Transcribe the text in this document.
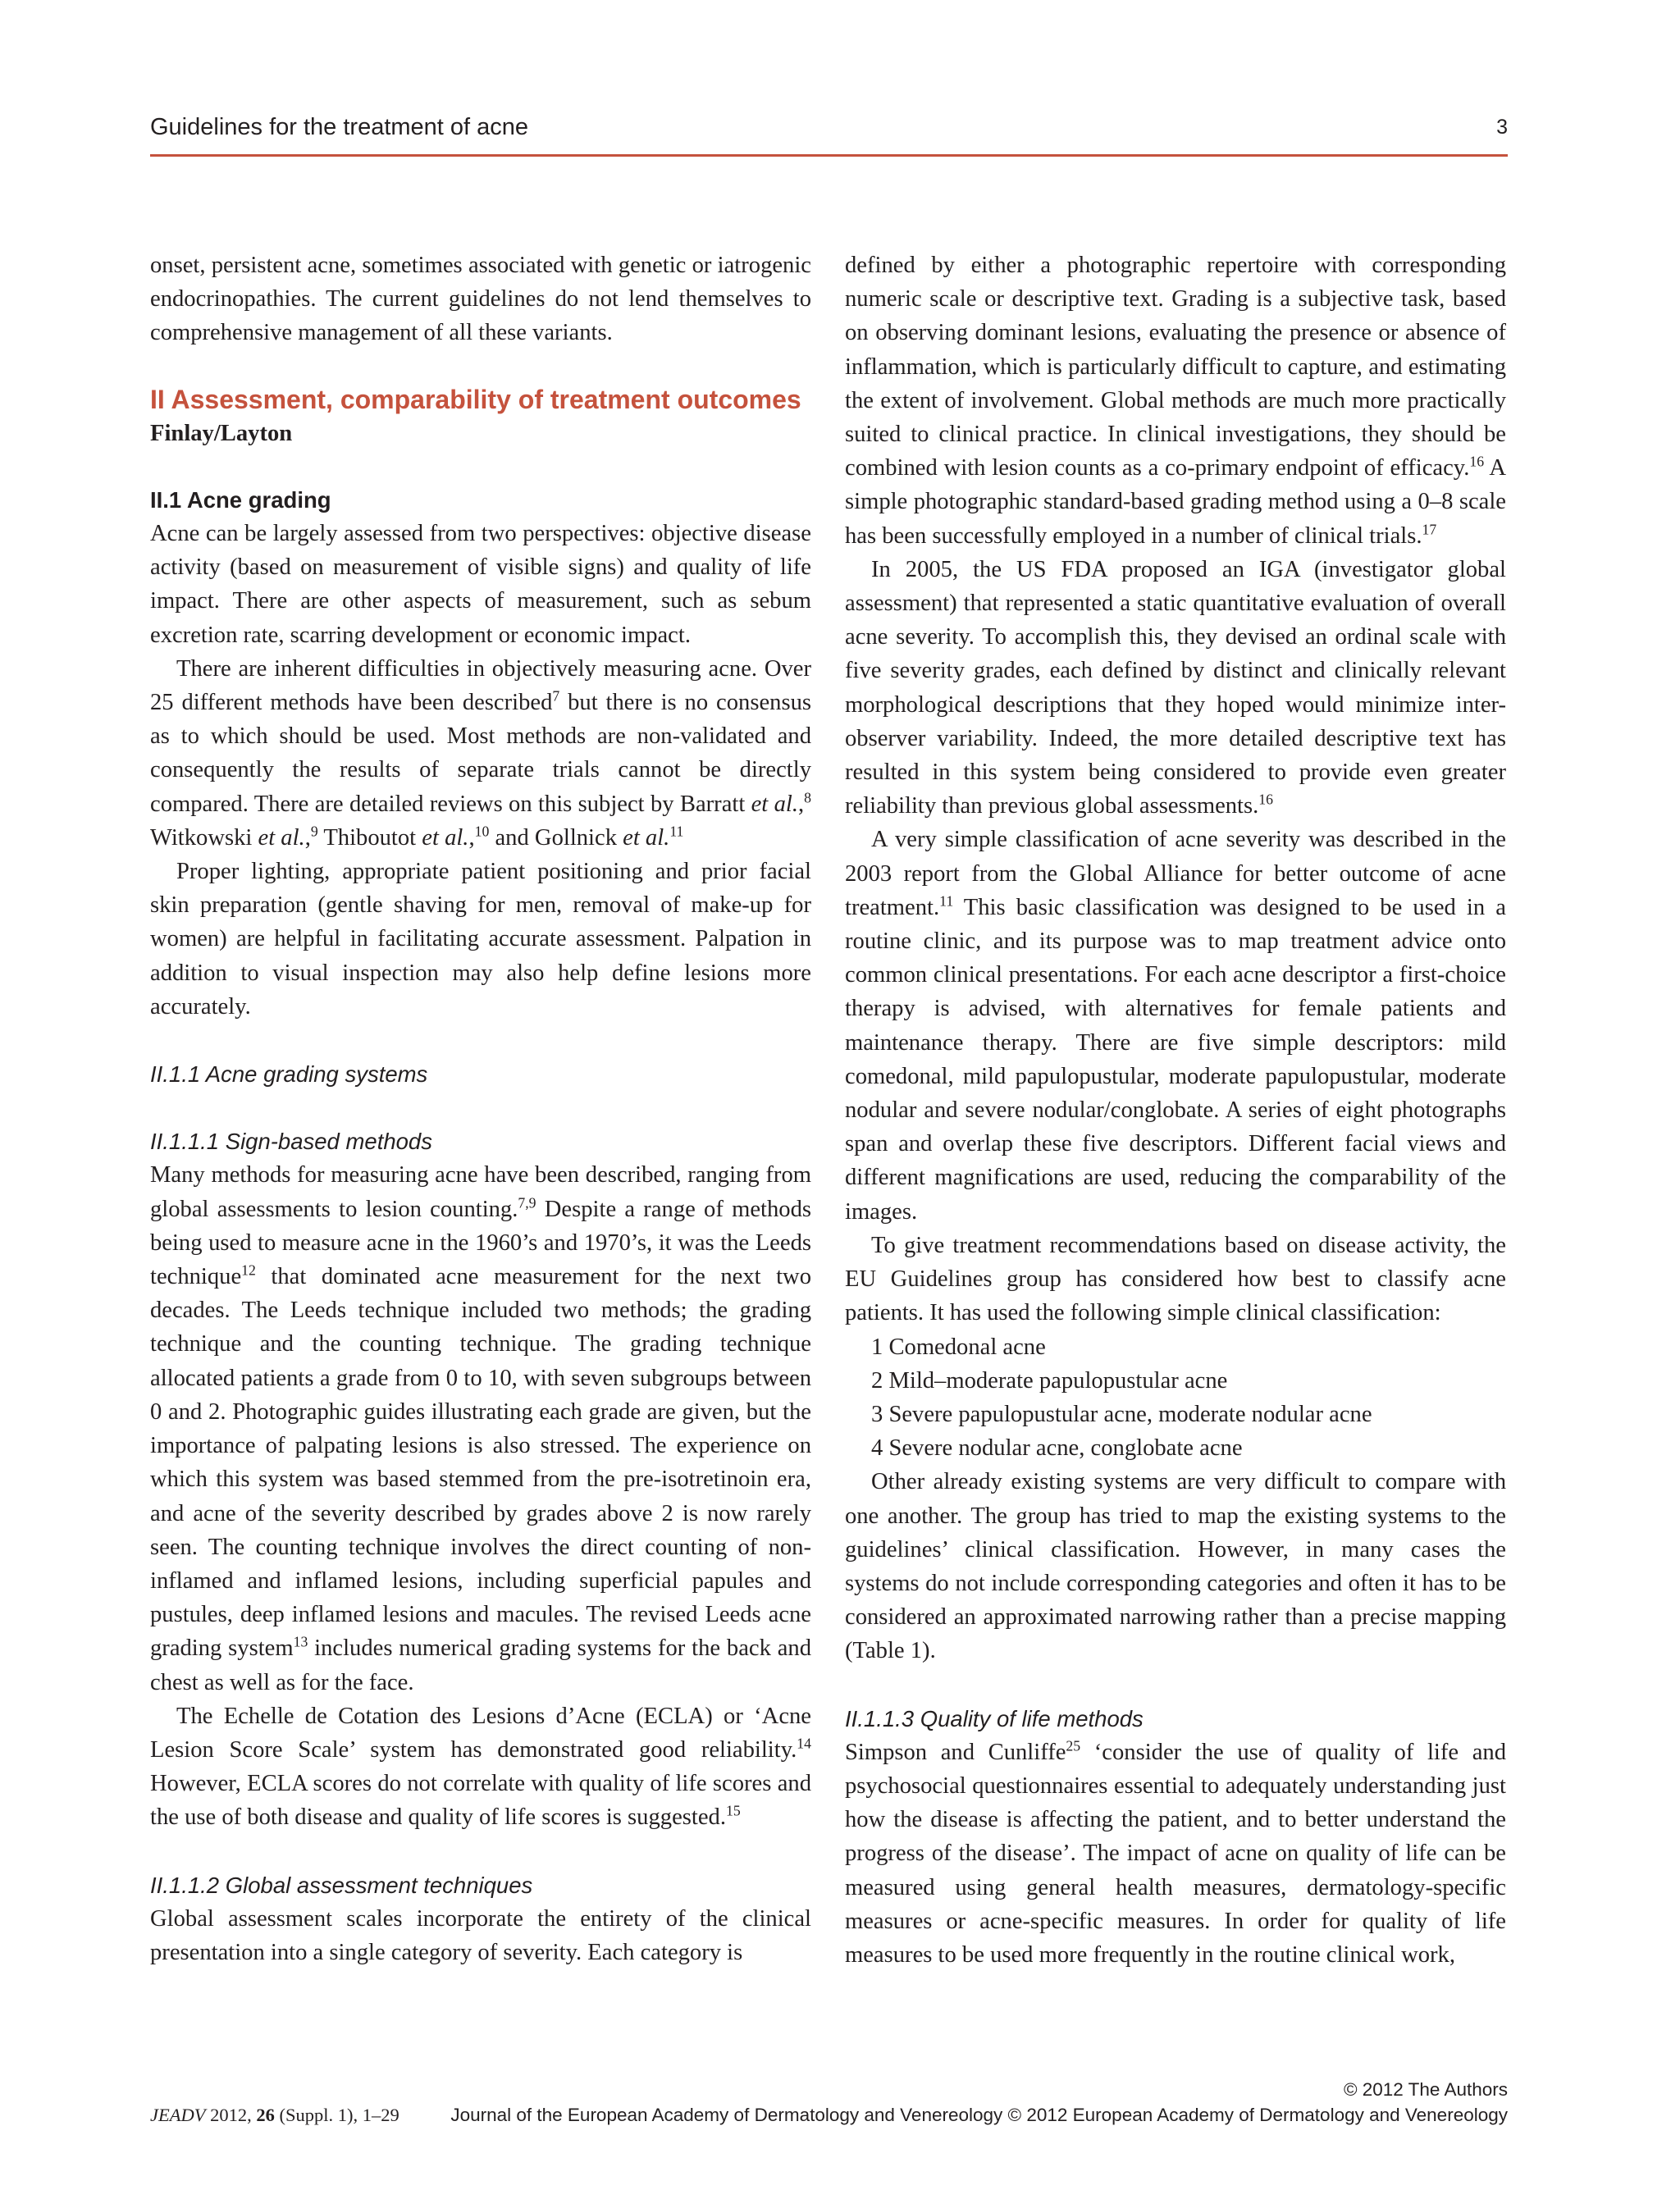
Guidelines for the treatment of acne	3

onset, persistent acne, sometimes associated with genetic or iatrogenic endocrinopathies. The current guidelines do not lend themselves to comprehensive management of all these variants.

II Assessment, comparability of treatment outcomes

Finlay/Layton

II.1 Acne grading

Acne can be largely assessed from two perspectives: objective disease activity (based on measurement of visible signs) and quality of life impact. There are other aspects of measurement, such as sebum excretion rate, scarring development or economic impact.

There are inherent difficulties in objectively measuring acne. Over 25 different methods have been described$^7$ but there is no consensus as to which should be used. Most methods are non-validated and consequently the results of separate trials cannot be directly compared. There are detailed reviews on this subject by Barratt et al.,$^8$ Witkowski et al.,$^9$ Thiboutot et al.,$^{10}$ and Gollnick et al.$^{11}$

Proper lighting, appropriate patient positioning and prior facial skin preparation (gentle shaving for men, removal of make-up for women) are helpful in facilitating accurate assessment. Palpation in addition to visual inspection may also help define lesions more accurately.

II.1.1 Acne grading systems
II.1.1.1 Sign-based methods

Many methods for measuring acne have been described, ranging from global assessments to lesion counting.$^{7,9}$ Despite a range of methods being used to measure acne in the 1960’s and 1970’s, it was the Leeds technique$^{12}$ that dominated acne measurement for the next two decades. The Leeds technique included two methods; the grading technique and the counting technique. The grading technique allocated patients a grade from 0 to 10, with seven subgroups between 0 and 2. Photographic guides illustrating each grade are given, but the importance of palpating lesions is also stressed. The experience on which this system was based stemmed from the pre-isotretinoin era, and acne of the severity described by grades above 2 is now rarely seen. The counting technique involves the direct counting of non-inflamed and inflamed lesions, including superficial papules and pustules, deep inflamed lesions and macules. The revised Leeds acne grading system$^{13}$ includes numerical grading systems for the back and chest as well as for the face.

The Echelle de Cotation des Lesions d’Acne (ECLA) or ‘Acne Lesion Score Scale’ system has demonstrated good reliability.$^{14}$ However, ECLA scores do not correlate with quality of life scores and the use of both disease and quality of life scores is suggested.$^{15}$

II.1.1.2 Global assessment techniques

Global assessment scales incorporate the entirety of the clinical presentation into a single category of severity. Each category is

defined by either a photographic repertoire with corresponding numeric scale or descriptive text. Grading is a subjective task, based on observing dominant lesions, evaluating the presence or absence of inflammation, which is particularly difficult to capture, and estimating the extent of involvement. Global methods are much more practically suited to clinical practice. In clinical investigations, they should be combined with lesion counts as a co-primary endpoint of efficacy.$^{16}$ A simple photographic standard-based grading method using a 0–8 scale has been successfully employed in a number of clinical trials.$^{17}$

In 2005, the US FDA proposed an IGA (investigator global assessment) that represented a static quantitative evaluation of overall acne severity. To accomplish this, they devised an ordinal scale with five severity grades, each defined by distinct and clinically relevant morphological descriptions that they hoped would minimize inter-observer variability. Indeed, the more detailed descriptive text has resulted in this system being considered to provide even greater reliability than previous global assessments.$^{16}$

A very simple classification of acne severity was described in the 2003 report from the Global Alliance for better outcome of acne treatment.$^{11}$ This basic classification was designed to be used in a routine clinic, and its purpose was to map treatment advice onto common clinical presentations. For each acne descriptor a first-choice therapy is advised, with alternatives for female patients and maintenance therapy. There are five simple descriptors: mild comedonal, mild papulopustular, moderate papulopustular, moderate nodular and severe nodular/conglobate. A series of eight photographs span and overlap these five descriptors. Different facial views and different magnifications are used, reducing the comparability of the images.

To give treatment recommendations based on disease activity, the EU Guidelines group has considered how best to classify acne patients. It has used the following simple clinical classification:

1 Comedonal acne

2 Mild–moderate papulopustular acne

3 Severe papulopustular acne, moderate nodular acne

4 Severe nodular acne, conglobate acne

Other already existing systems are very difficult to compare with one another. The group has tried to map the existing systems to the guidelines’ clinical classification. However, in many cases the systems do not include corresponding categories and often it has to be considered an approximated narrowing rather than a precise mapping (Table 1).

II.1.1.3 Quality of life methods

Simpson and Cunliffe$^{25}$ ‘consider the use of quality of life and psychosocial questionnaires essential to adequately understanding just how the disease is affecting the patient, and to better understand the progress of the disease’. The impact of acne on quality of life can be measured using general health measures, dermatology-specific measures or acne-specific measures. In order for quality of life measures to be used more frequently in the routine clinical work,

© 2012 The Authors
JEADV 2012, 26 (Suppl. 1), 1–29	Journal of the European Academy of Dermatology and Venereology © 2012 European Academy of Dermatology and Venereology
